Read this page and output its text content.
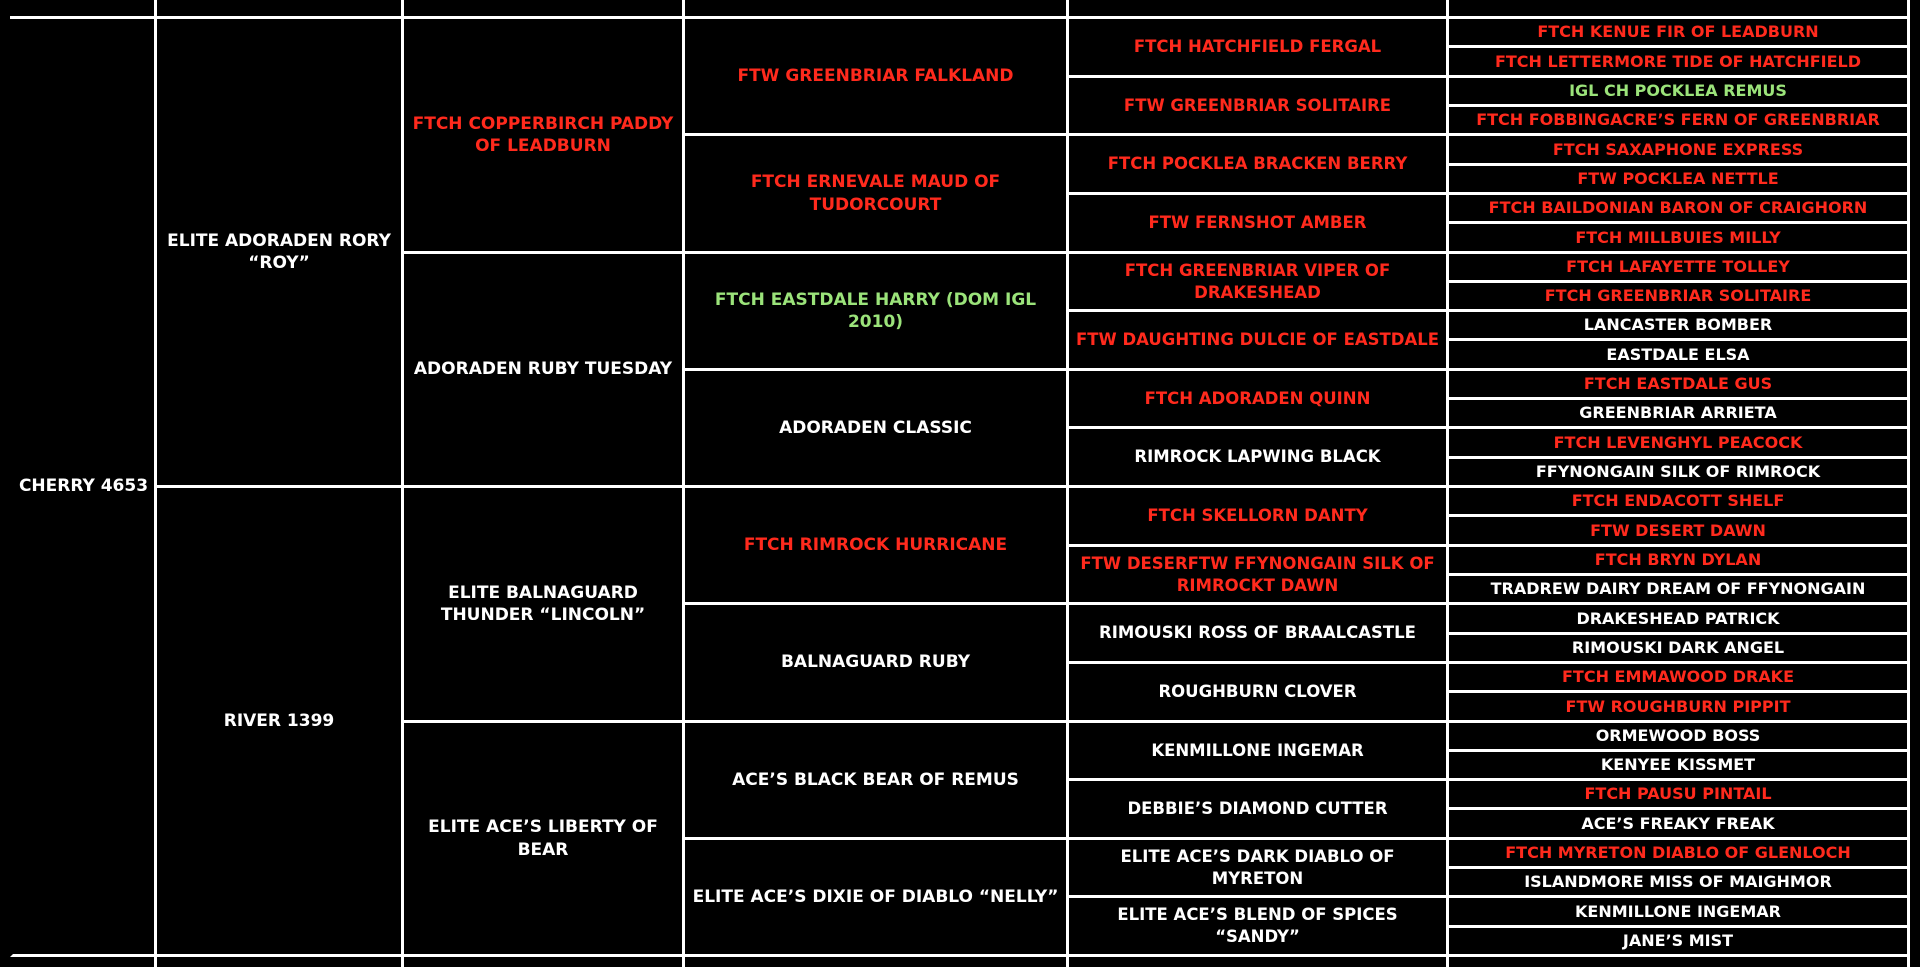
CHERRY 4653
ELITE ADORADEN RORY “ROY”
RIVER 1399
FTCH COPPERBIRCH PADDY OF LEADBURN
ADORADEN RUBY TUESDAY
ELITE BALNAGUARD THUNDER “LINCOLN”
ELITE ACE’S LIBERTY OF BEAR
FTW GREENBRIAR FALKLAND
FTCH ERNEVALE MAUD OF TUDORCOURT
FTCH EASTDALE HARRY (DOM IGL 2010)
ADORADEN CLASSIC
FTCH RIMROCK HURRICANE
BALNAGUARD RUBY
ACE’S BLACK BEAR OF REMUS
ELITE ACE’S DIXIE OF DIABLO “NELLY”
FTCH HATCHFIELD FERGAL
FTW GREENBRIAR SOLITAIRE
FTCH POCKLEA BRACKEN BERRY
FTW FERNSHOT AMBER
FTCH GREENBRIAR VIPER OF DRAKESHEAD
FTW DAUGHTING DULCIE OF EASTDALE
FTCH ADORADEN QUINN
RIMROCK LAPWING BLACK
FTCH SKELLORN DANTY
FTW DESERFTW FFYNONGAIN SILK OF RIMROCKT DAWN
RIMOUSKI ROSS OF BRAALCASTLE
ROUGHBURN CLOVER
KENMILLONE INGEMAR
DEBBIE’S DIAMOND CUTTER
ELITE ACE’S DARK DIABLO OF MYRETON
ELITE ACE’S BLEND OF SPICES “SANDY”
FTCH KENUE FIR OF LEADBURN
FTCH LETTERMORE TIDE OF HATCHFIELD
IGL CH POCKLEA REMUS
FTCH FOBBINGACRE’S FERN OF GREENBRIAR
FTCH SAXAPHONE EXPRESS
FTW POCKLEA NETTLE
FTCH BAILDONIAN BARON OF CRAIGHORN
FTCH MILLBUIES MILLY
FTCH LAFAYETTE TOLLEY
FTCH GREENBRIAR SOLITAIRE
LANCASTER BOMBER
EASTDALE ELSA
FTCH EASTDALE GUS
GREENBRIAR ARRIETA
FTCH LEVENGHYL PEACOCK
FFYNONGAIN SILK OF RIMROCK
FTCH ENDACOTT SHELF
FTW DESERT DAWN
FTCH BRYN DYLAN
TRADREW DAIRY DREAM OF FFYNONGAIN
DRAKESHEAD PATRICK
RIMOUSKI DARK ANGEL
FTCH EMMAWOOD DRAKE
FTW ROUGHBURN PIPPIT
ORMEWOOD BOSS
KENYEE KISSMET
FTCH PAUSU PINTAIL
ACE’S FREAKY FREAK
FTCH MYRETON DIABLO OF GLENLOCH
ISLANDMORE MISS OF MAIGHMOR
KENMILLONE INGEMAR
JANE’S MIST
